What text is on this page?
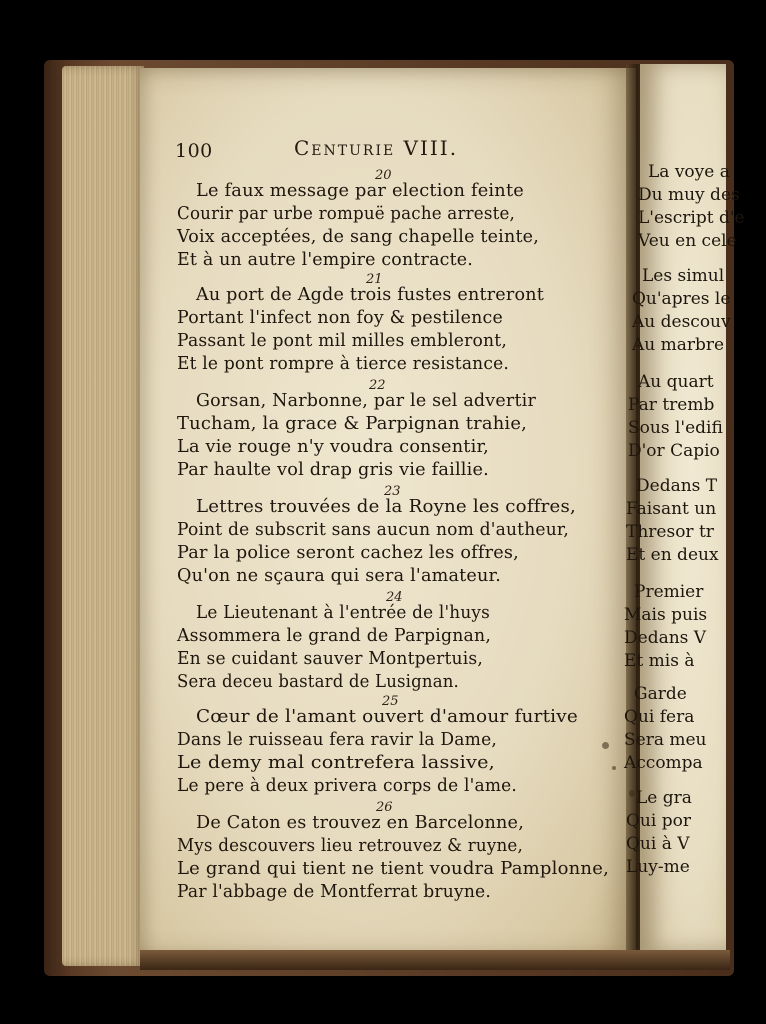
La voye a
Du muy des
L'escript d'e
Veu en cele
Les simul
Qu'apres le
Au descouv
Au marbre
Au quart
Par tremb
Sous l'edifi
D'or Capio
Dedans T
Faisant un
Thresor tr
Et en deux
Premier
Mais puis
Dedans V
Et mis à
Garde
Qui fera
Sera meu
Accompa
Le gra
Qui por
Qui à V
Luy-me
100	Centurie VIII.
20
Le faux message par election feinte
Courir par urbe rompuë pache arreste,
Voix acceptées, de sang chapelle teinte,
Et à un autre l'empire contracte.
21
Au port de Agde trois fustes entreront
Portant l'infect non foy & pestilence
Passant le pont mil milles embleront,
Et le pont rompre à tierce resistance.
22
Gorsan, Narbonne, par le sel advertir
Tucham, la grace & Parpignan trahie,
La vie rouge n'y voudra consentir,
Par haulte vol drap gris vie faillie.
23
Lettres trouvées de la Royne les coffres,
Point de subscrit sans aucun nom d'autheur,
Par la police seront cachez les offres,
Qu'on ne sçaura qui sera l'amateur.
24
Le Lieutenant à l'entrée de l'huys
Assommera le grand de Parpignan,
En se cuidant sauver Montpertuis,
Sera deceu bastard de Lusignan.
25
Cœur de l'amant ouvert d'amour furtive
Dans le ruisseau fera ravir la Dame,
Le demy mal contrefera lassive,
Le pere à deux privera corps de l'ame.
26
De Caton es trouvez en Barcelonne,
Mys descouvers lieu retrouvez & ruyne,
Le grand qui tient ne tient voudra Pamplonne,
Par l'abbage de Montferrat bruyne.
